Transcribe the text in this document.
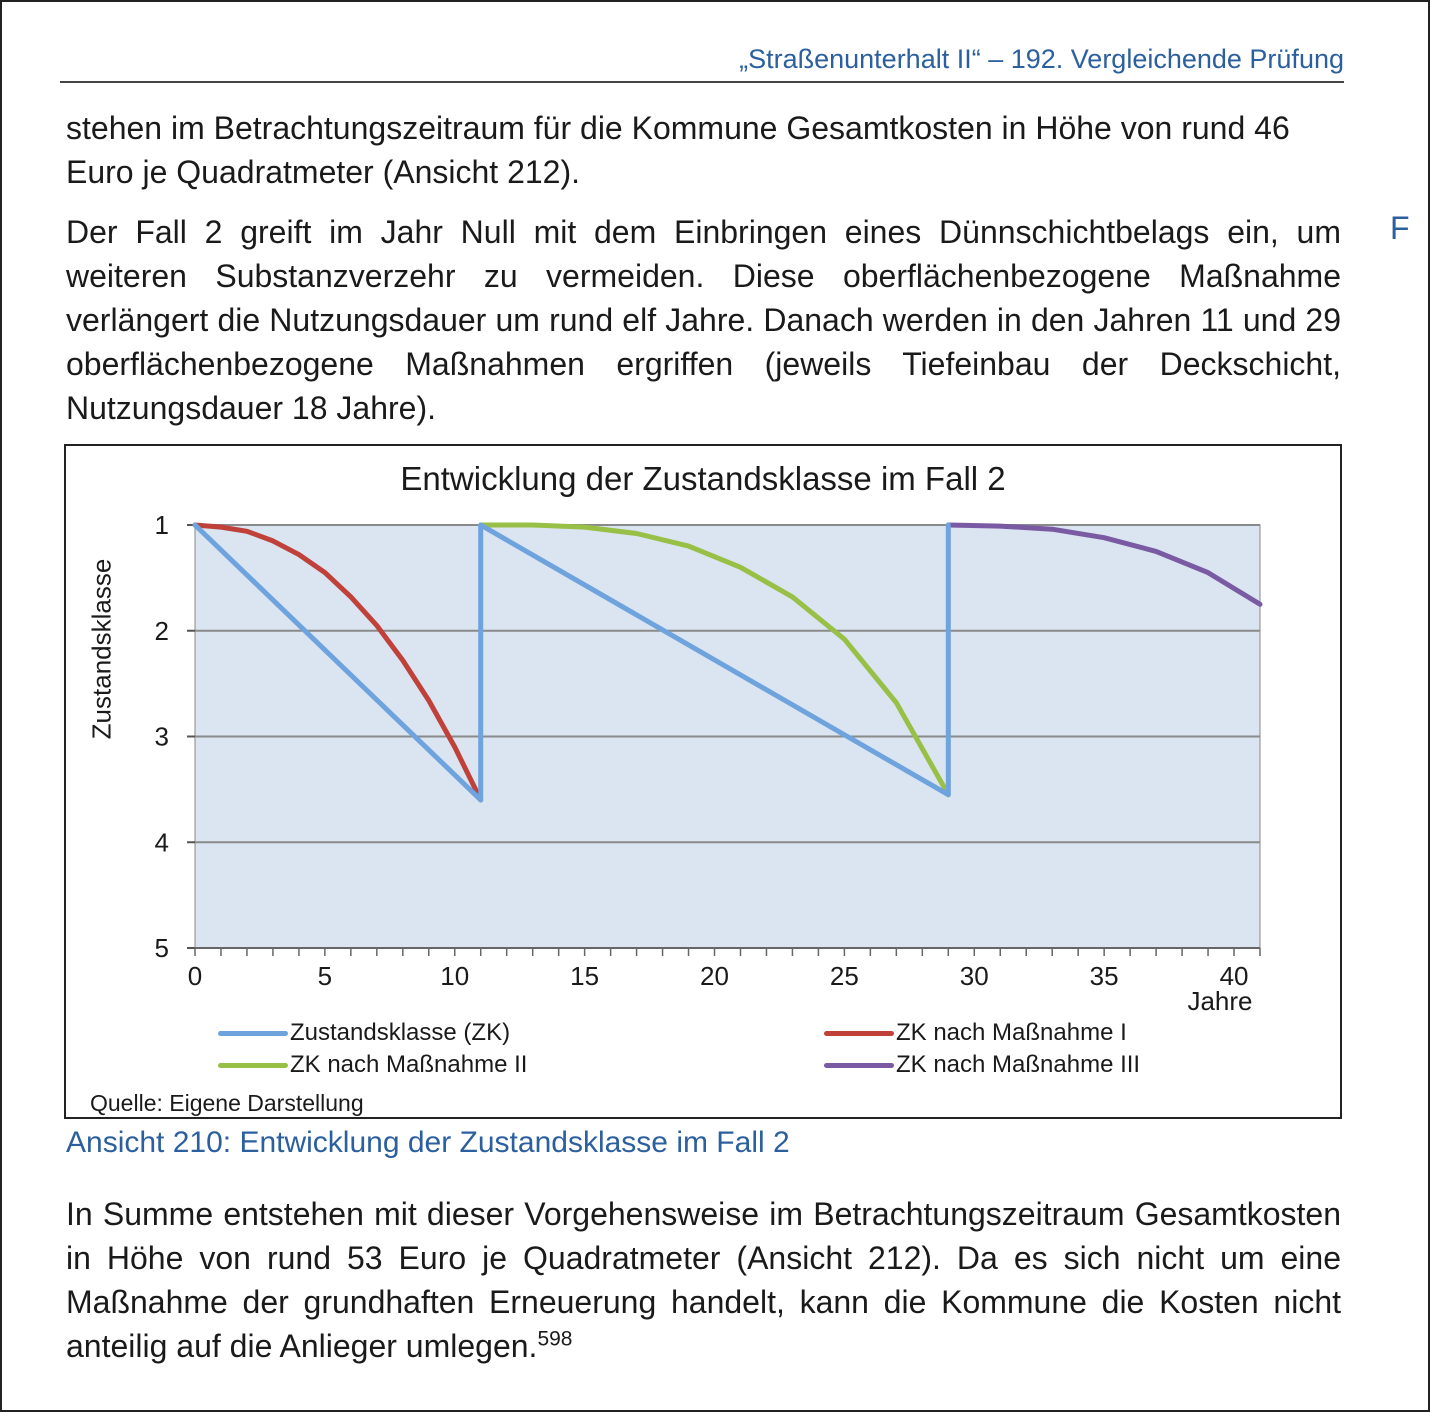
„Straßenunterhalt II“ – 192. Vergleichende Prüfung

stehen im Betrachtungszeitraum für die Kommune Gesamtkosten in Höhe von rund 46 Euro je Quadratmeter (Ansicht 212).

Der Fall 2 greift im Jahr Null mit dem Einbringen eines Dünnschichtbelags ein, um weiteren Substanzverzehr zu vermeiden. Diese oberflächenbezogene Maßnahme verlängert die Nutzungsdauer um rund elf Jahre. Danach werden in den Jahren 11 und 29 oberflächenbezogene Maßnahmen ergriffen (jeweils Tiefeinbau der Deckschicht, Nutzungsdauer 18 Jahre).

F
1
2
3
4
5
0	5	10	15	20	25	30	35	40
Entwicklung der Zustandsklasse im Fall 2
Zustandsklasse
Jahre
Zustandsklasse (ZK)	ZK nach Maßnahme I
ZK nach Maßnahme II	ZK nach Maßnahme III
Quelle: Eigene Darstellung
Ansicht 210: Entwicklung der Zustandsklasse im Fall 2

In Summe entstehen mit dieser Vorgehensweise im Betrachtungszeitraum Gesamtkosten in Höhe von rund 53 Euro je Quadratmeter (Ansicht 212). Da es sich nicht um eine Maßnahme der grundhaften Erneuerung handelt, kann die Kommune die Kosten nicht anteilig auf die Anlieger umlegen.$^{598}$
